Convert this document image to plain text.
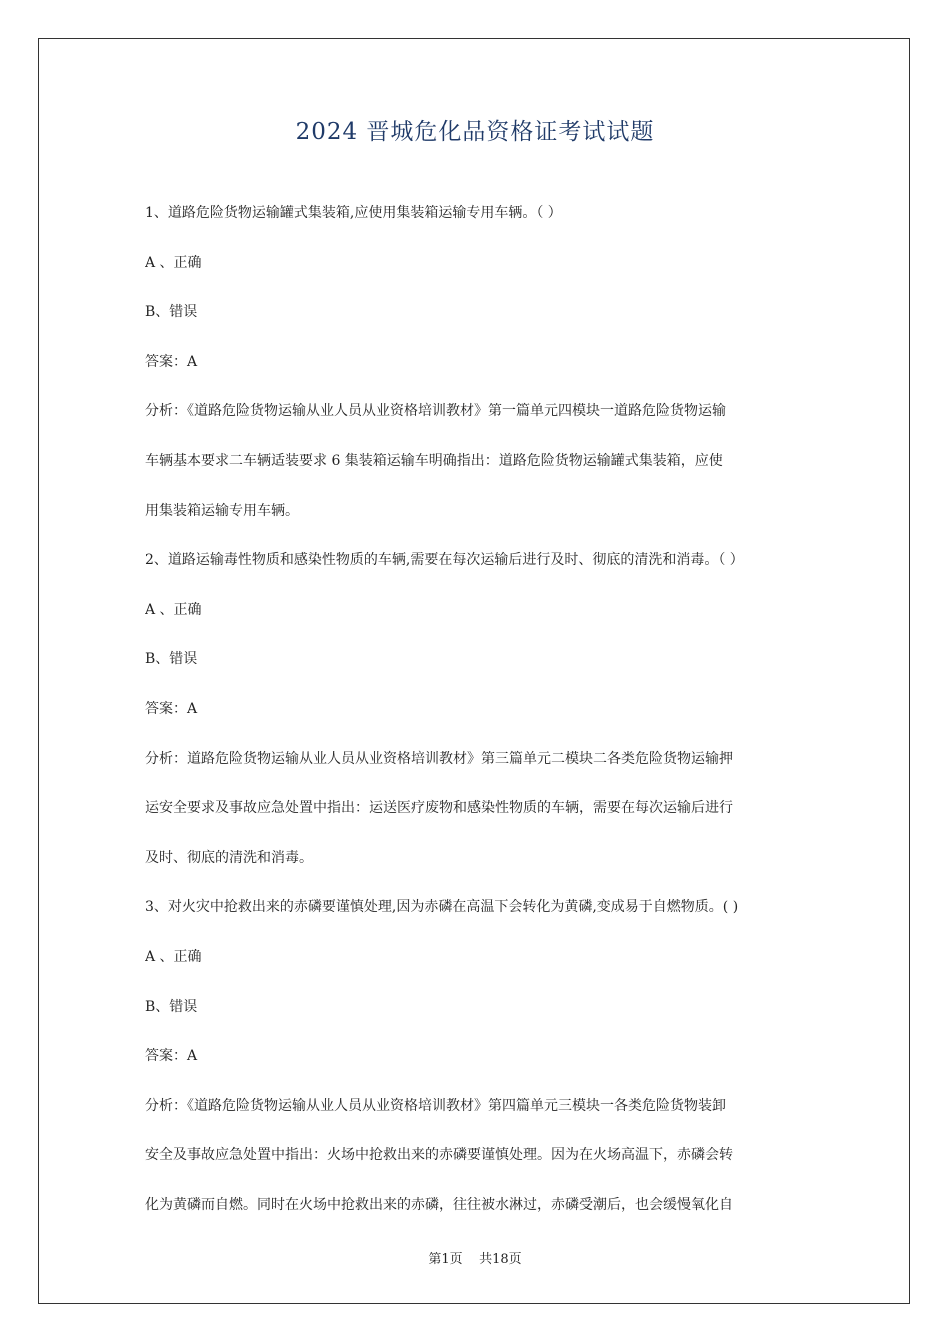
2024 晋城危化品资格证考试试题
1、道路危险货物运输罐式集装箱,应使用集装箱运输专用车辆。（ ）
A 、正确
B、错误
答案：A
分析：《道路危险货物运输从业人员从业资格培训教材》第一篇单元四模块一道路危险货物运输
车辆基本要求二车辆适装要求 6 集装箱运输车明确指出：道路危险货物运输罐式集装箱，应使
用集装箱运输专用车辆。
2、道路运输毒性物质和感染性物质的车辆,需要在每次运输后进行及时、彻底的清洗和消毒。（ ）
A 、正确
B、错误
答案：A
分析：道路危险货物运输从业人员从业资格培训教材》第三篇单元二模块二各类危险货物运输押
运安全要求及事故应急处置中指出：运送医疗废物和感染性物质的车辆，需要在每次运输后进行
及时、彻底的清洗和消毒。
3、对火灾中抢救出来的赤磷要谨慎处理,因为赤磷在高温下会转化为黄磷,变成易于自燃物质。( )
A 、正确
B、错误
答案：A
分析：《道路危险货物运输从业人员从业资格培训教材》第四篇单元三模块一各类危险货物装卸
安全及事故应急处置中指出：火场中抢救出来的赤磷要谨慎处理。因为在火场高温下，赤磷会转
化为黄磷而自燃。同时在火场中抢救出来的赤磷，往往被水淋过，赤磷受潮后，也会缓慢氧化自
第1页    共18页
